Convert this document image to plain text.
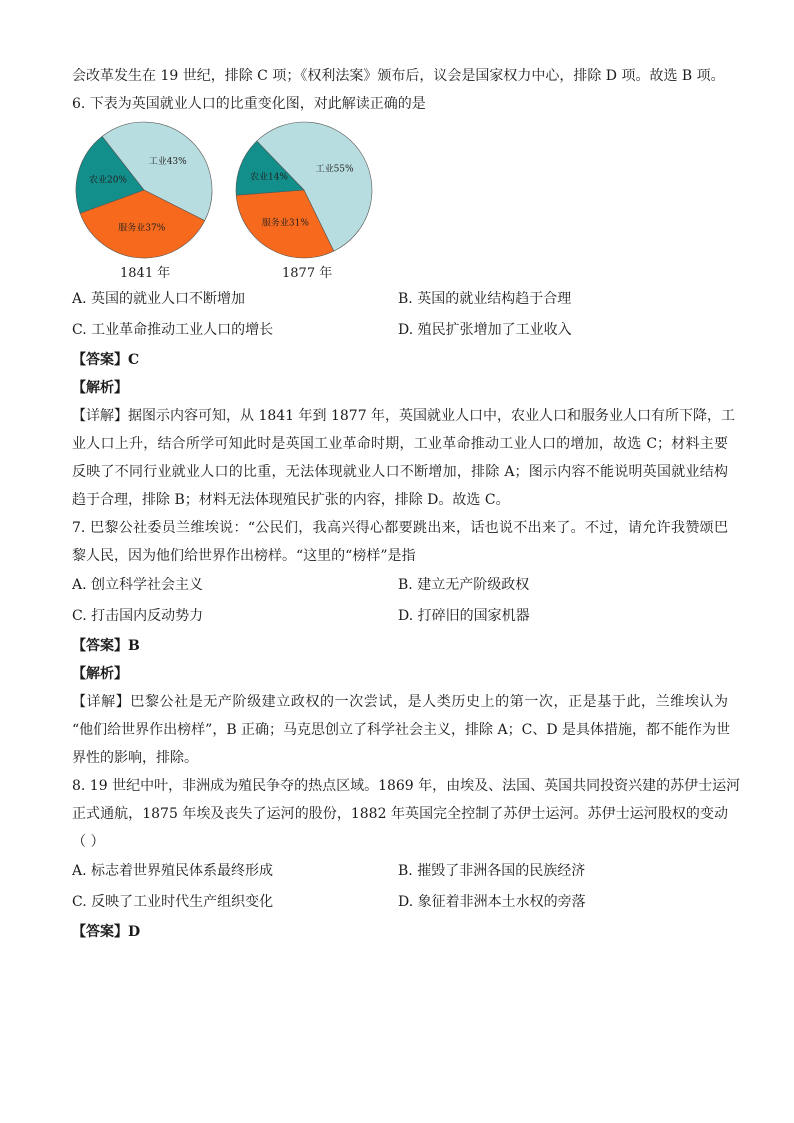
会改革发生在 19 世纪，排除 C 项；《权利法案》颁布后，议会是国家权力中心，排除 D 项。故选 B 项。
6. 下表为英国就业人口的比重变化图，对此解读正确的是
工业43%
服务业37%
农业20%
1841 年
工业55%
服务业31%
农业14%
1877 年
A. 英国的就业人口不断增加	B. 英国的就业结构趋于合理
C. 工业革命推动工业人口的增长	D. 殖民扩张增加了工业收入
【答案】C
【解析】
【详解】据图示内容可知，从 1841 年到 1877 年，英国就业人口中，农业人口和服务业人口有所下降，工
业人口上升，结合所学可知此时是英国工业革命时期，工业革命推动工业人口的增加，故选 C；材料主要
反映了不同行业就业人口的比重，无法体现就业人口不断增加，排除 A；图示内容不能说明英国就业结构
趋于合理，排除 B；材料无法体现殖民扩张的内容，排除 D。故选 C。
7. 巴黎公社委员兰维埃说：“公民们，我高兴得心都要跳出来，话也说不出来了。不过，请允许我赞颂巴
黎人民，因为他们给世界作出榜样。“这里的“榜样”是指
A. 创立科学社会主义	B. 建立无产阶级政权
C. 打击国内反动势力	D. 打碎旧的国家机器
【答案】B
【解析】
【详解】巴黎公社是无产阶级建立政权的一次尝试，是人类历史上的第一次，正是基于此，兰维埃认为
“他们给世界作出榜样”，B 正确；马克思创立了科学社会主义，排除 A；C、D 是具体措施，都不能作为世
界性的影响，排除。
8. 19 世纪中叶，非洲成为殖民争夺的热点区域。1869 年，由埃及、法国、英国共同投资兴建的苏伊士运河
正式通航，1875 年埃及丧失了运河的股份，1882 年英国完全控制了苏伊士运河。苏伊士运河股权的变动
（ ）
A. 标志着世界殖民体系最终形成	B. 摧毁了非洲各国的民族经济
C. 反映了工业时代生产组织变化	D. 象征着非洲本土水权的旁落
【答案】D
